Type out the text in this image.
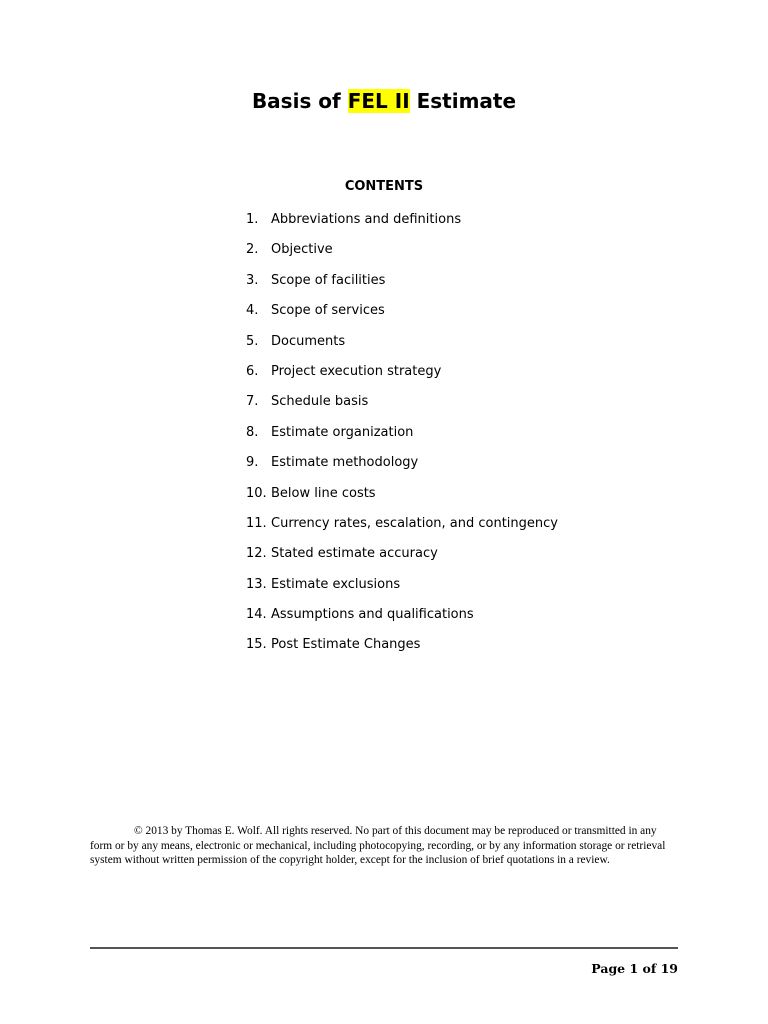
Basis of FEL II Estimate
CONTENTS
1. Abbreviations and definitions
2. Objective
3. Scope of facilities
4. Scope of services
5. Documents
6. Project execution strategy
7. Schedule basis
8. Estimate organization
9. Estimate methodology
10. Below line costs
11. Currency rates, escalation, and contingency
12. Stated estimate accuracy
13. Estimate exclusions
14. Assumptions and qualifications
15. Post Estimate Changes

© 2013 by Thomas E. Wolf. All rights reserved. No part of this document may be reproduced or transmitted in any form or by any means, electronic or mechanical, including photocopying, recording, or by any information storage or retrieval system without written permission of the copyright holder, except for the inclusion of brief quotations in a review.

Page 1 of 19
